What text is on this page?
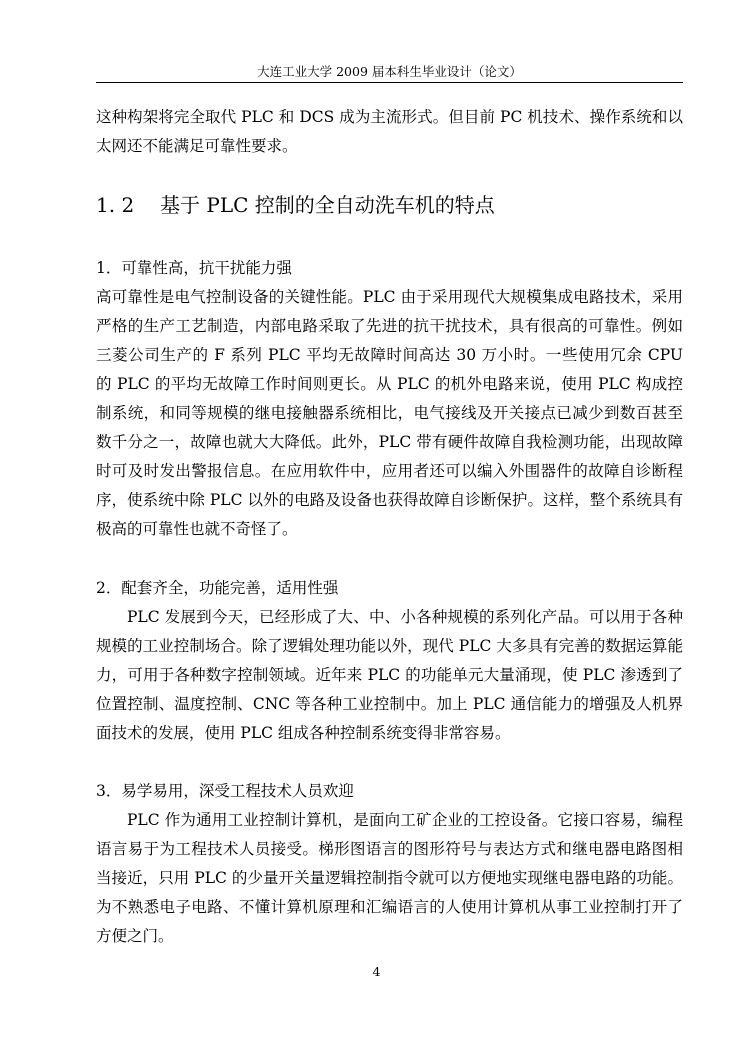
大连工业大学 2009 届本科生毕业设计（论文）

这种构架将完全取代 PLC 和 DCS 成为主流形式。但目前 PC 机技术、操作系统和以太网还不能满足可靠性要求。

1. 2 基于 PLC 控制的全自动洗车机的特点

1．可靠性高，抗干扰能力强

高可靠性是电气控制设备的关键性能。PLC 由于采用现代大规模集成电路技术，采用严格的生产工艺制造，内部电路采取了先进的抗干扰技术，具有很高的可靠性。例如三菱公司生产的 F 系列 PLC 平均无故障时间高达 30 万小时。一些使用冗余 CPU 的 PLC 的平均无故障工作时间则更长。从 PLC 的机外电路来说，使用 PLC 构成控制系统，和同等规模的继电接触器系统相比，电气接线及开关接点已减少到数百甚至数千分之一，故障也就大大降低。此外，PLC 带有硬件故障自我检测功能，出现故障时可及时发出警报信息。在应用软件中，应用者还可以编入外围器件的故障自诊断程序，使系统中除 PLC 以外的电路及设备也获得故障自诊断保护。这样，整个系统具有极高的可靠性也就不奇怪了。

2．配套齐全，功能完善，适用性强

PLC 发展到今天，已经形成了大、中、小各种规模的系列化产品。可以用于各种规模的工业控制场合。除了逻辑处理功能以外，现代 PLC 大多具有完善的数据运算能力，可用于各种数字控制领域。近年来 PLC 的功能单元大量涌现，使 PLC 渗透到了位置控制、温度控制、CNC 等各种工业控制中。加上 PLC 通信能力的增强及人机界面技术的发展，使用 PLC 组成各种控制系统变得非常容易。

3．易学易用，深受工程技术人员欢迎

PLC 作为通用工业控制计算机，是面向工矿企业的工控设备。它接口容易，编程语言易于为工程技术人员接受。梯形图语言的图形符号与表达方式和继电器电路图相当接近，只用 PLC 的少量开关量逻辑控制指令就可以方便地实现继电器电路的功能。为不熟悉电子电路、不懂计算机原理和汇编语言的人使用计算机从事工业控制打开了方便之门。

4
